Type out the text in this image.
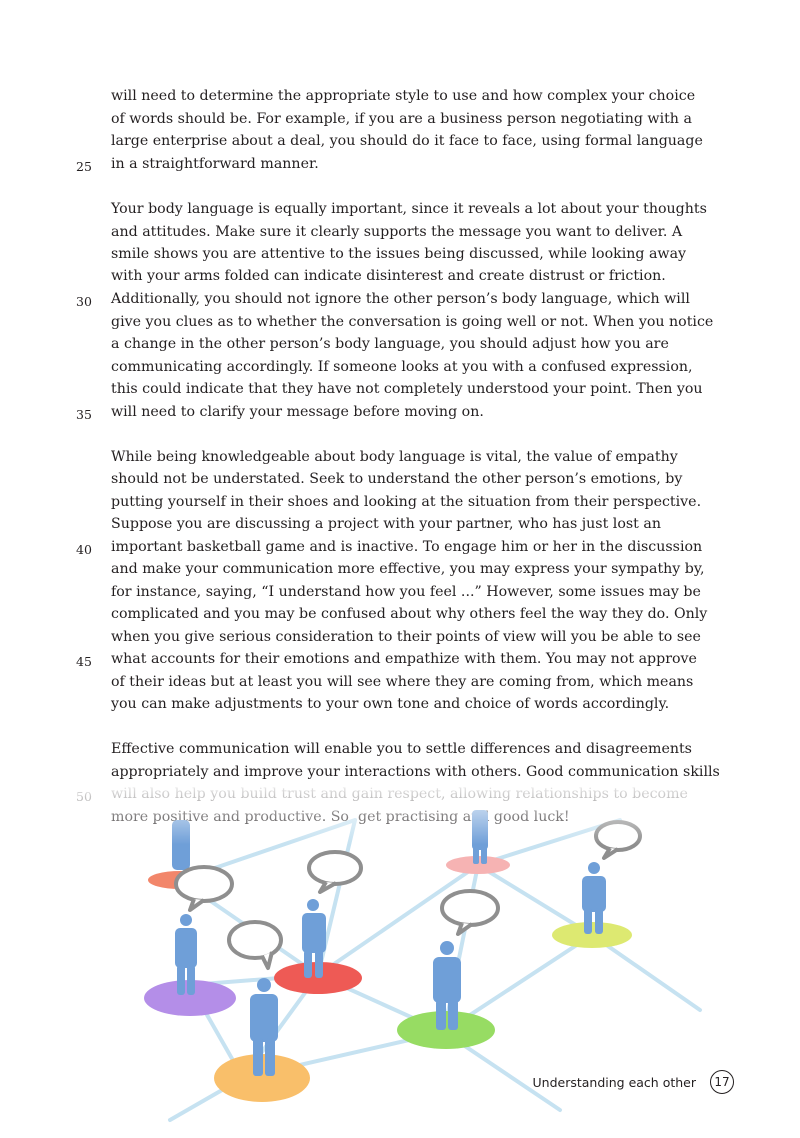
will need to determine the appropriate style to use and how complex your choice
of words should be. For example, if you are a business person negotiating with a
large enterprise about a deal, you should do it face to face, using formal language
in a straightforward manner.
Your body language is equally important, since it reveals a lot about your thoughts
and attitudes. Make sure it clearly supports the message you want to deliver. A
smile shows you are attentive to the issues being discussed, while looking away
with your arms folded can indicate disinterest and create distrust or friction.
Additionally, you should not ignore the other person’s body language, which will
give you clues as to whether the conversation is going well or not. When you notice
a change in the other person’s body language, you should adjust how you are
communicating accordingly. If someone looks at you with a confused expression,
this could indicate that they have not completely understood your point. Then you
will need to clarify your message before moving on.
While being knowledgeable about body language is vital, the value of empathy
should not be understated. Seek to understand the other person’s emotions, by
putting yourself in their shoes and looking at the situation from their perspective.
Suppose you are discussing a project with your partner, who has just lost an
important basketball game and is inactive. To engage him or her in the discussion
and make your communication more effective, you may express your sympathy by,
for instance, saying, “I understand how you feel ...” However, some issues may be
complicated and you may be confused about why others feel the way they do. Only
when you give serious consideration to their points of view will you be able to see
what accounts for their emotions and empathize with them. You may not approve
of their ideas but at least you will see where they are coming from, which means
you can make adjustments to your own tone and choice of words accordingly.
Effective communication will enable you to settle differences and disagreements
appropriately and improve your interactions with others. Good communication skills
25
30
35
40
45
Understanding each other	17
